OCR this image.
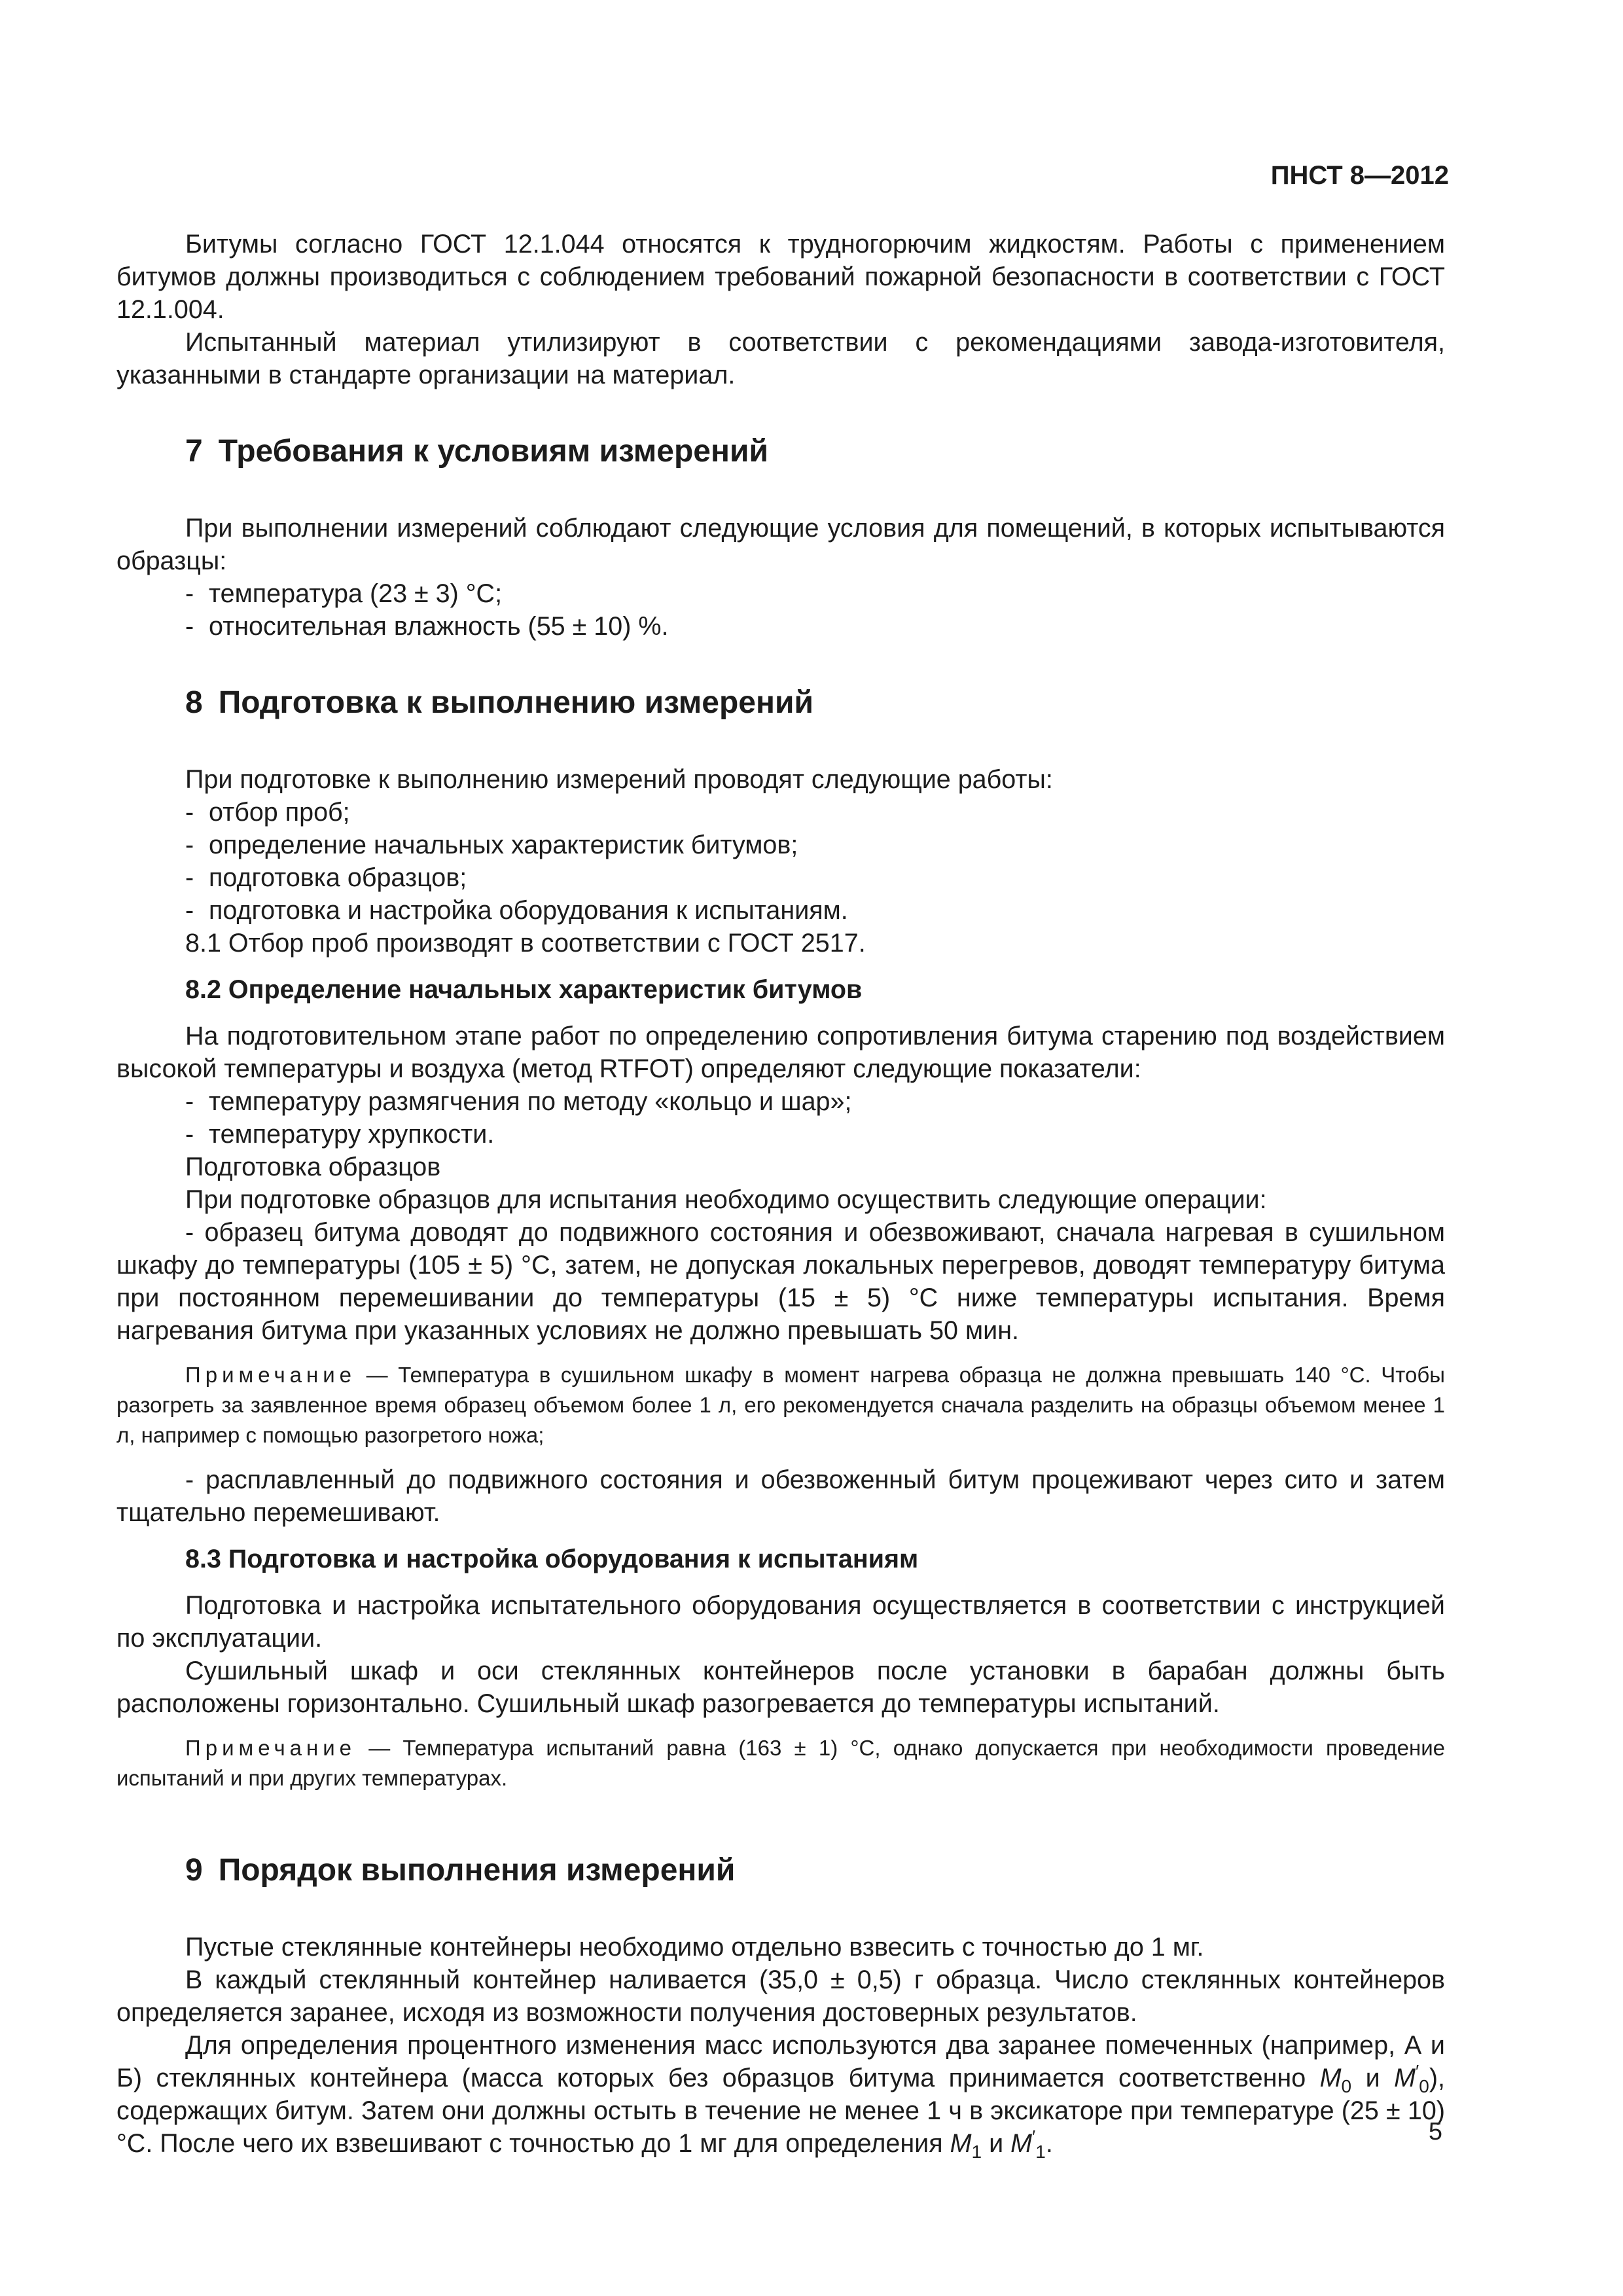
ПНСТ 8—2012

Битумы согласно ГОСТ 12.1.044 относятся к трудногорючим жидкостям. Работы с применением битумов должны производиться с соблюдением требований пожарной безопасности в соответствии с ГОСТ 12.1.004.

Испытанный материал утилизируют в соответствии с рекомендациями завода-изготовителя, указанными в стандарте организации на материал.

7 Требования к условиям измерений

При выполнении измерений соблюдают следующие условия для помещений, в которых испытываются образцы:

- температура (23 ± 3) °С;

- относительная влажность (55 ± 10) %.

8 Подготовка к выполнению измерений

При подготовке к выполнению измерений проводят следующие работы:

- отбор проб;

- определение начальных характеристик битумов;

- подготовка образцов;

- подготовка и настройка оборудования к испытаниям.

8.1 Отбор проб производят в соответствии с ГОСТ 2517.

8.2 Определение начальных характеристик битумов

На подготовительном этапе работ по определению сопротивления битума старению под воздействием высокой температуры и воздуха (метод RTFOT) определяют следующие показатели:

- температуру размягчения по методу «кольцо и шар»;

- температуру хрупкости.

Подготовка образцов

При подготовке образцов для испытания необходимо осуществить следующие операции:

- образец битума доводят до подвижного состояния и обезвоживают, сначала нагревая в сушильном шкафу до температуры (105 ± 5) °С, затем, не допуская локальных перегревов, доводят температуру битума при постоянном перемешивании до температуры (15 ± 5) °С ниже температуры испытания. Время нагревания битума при указанных условиях не должно превышать 50 мин.

Примечание — Температура в сушильном шкафу в момент нагрева образца не должна превышать 140 °С. Чтобы разогреть за заявленное время образец объемом более 1 л, его рекомендуется сначала разделить на образцы объемом менее 1 л, например с помощью разогретого ножа;

- расплавленный до подвижного состояния и обезвоженный битум процеживают через сито и затем тщательно перемешивают.

8.3 Подготовка и настройка оборудования к испытаниям

Подготовка и настройка испытательного оборудования осуществляется в соответствии с инструкцией по эксплуатации.

Сушильный шкаф и оси стеклянных контейнеров после установки в барабан должны быть расположены горизонтально. Сушильный шкаф разогревается до температуры испытаний.

Примечание — Температура испытаний равна (163 ± 1) °С, однако допускается при необходимости проведение испытаний и при других температурах.

9 Порядок выполнения измерений

Пустые стеклянные контейнеры необходимо отдельно взвесить с точностью до 1 мг.

В каждый стеклянный контейнер наливается (35,0 ± 0,5) г образца. Число стеклянных контейнеров определяется заранее, исходя из возможности получения достоверных результатов.

Для определения процентного изменения масс используются два заранее помеченных (например, А и Б) стеклянных контейнера (масса которых без образцов битума принимается соответственно $M_0$ и $M'_0$), содержащих битум. Затем они должны остыть в течение не менее 1 ч в эксикаторе при температуре (25 ± 10) °С. После чего их взвешивают с точностью до 1 мг для определения $M_1$ и $M'_1$.	5
